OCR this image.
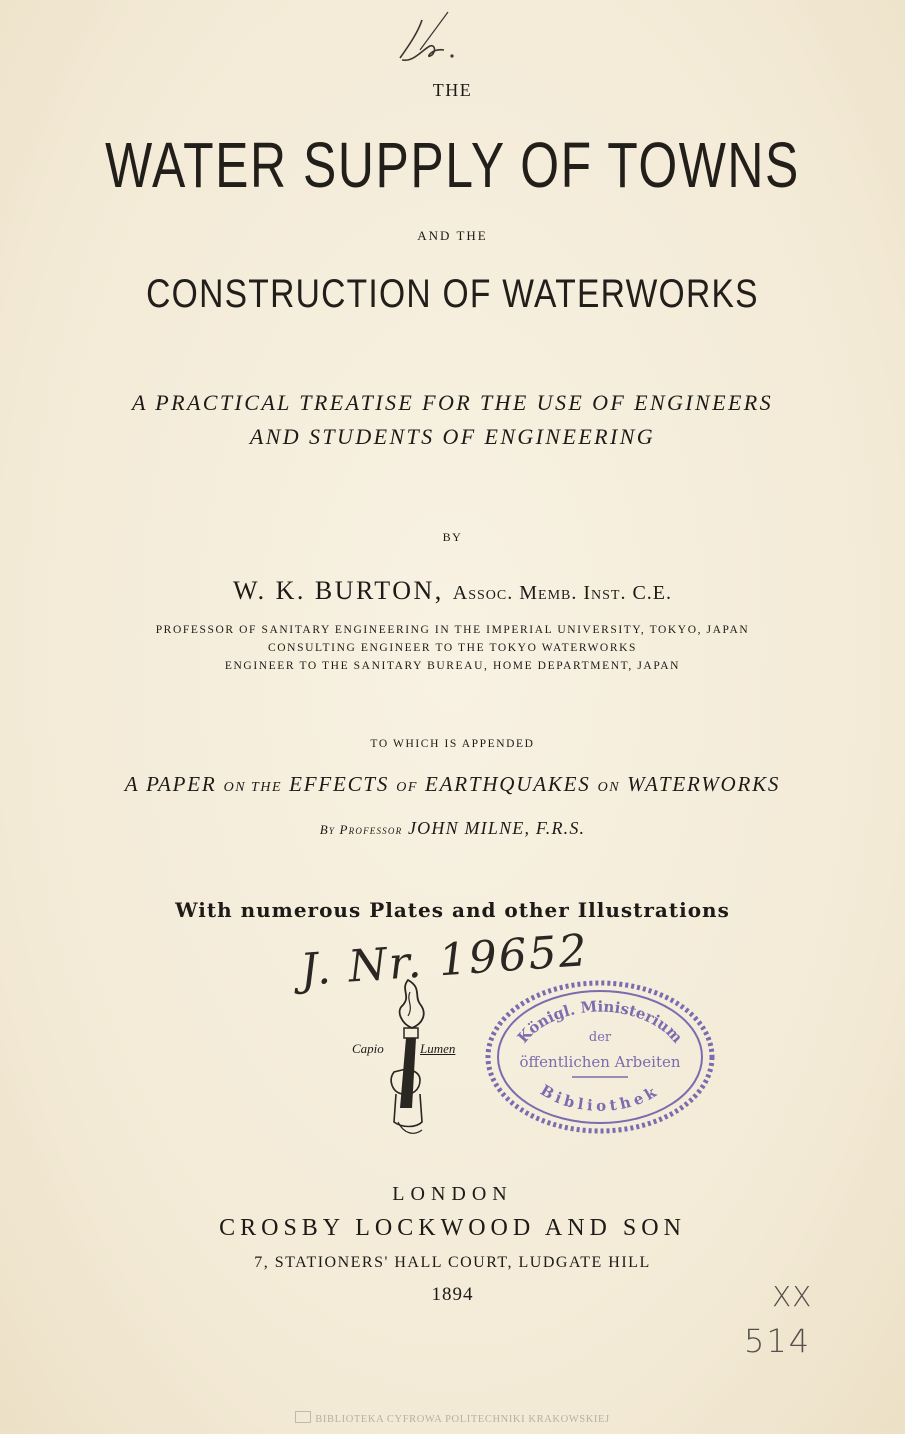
THE
WATER SUPPLY OF TOWNS
AND THE
CONSTRUCTION OF WATERWORKS
A PRACTICAL TREATISE FOR THE USE OF ENGINEERS
AND STUDENTS OF ENGINEERING
BY
W. K. BURTON, Assoc. Memb. Inst. C.E.
PROFESSOR OF SANITARY ENGINEERING IN THE IMPERIAL UNIVERSITY, TOKYO, JAPAN
CONSULTING ENGINEER TO THE TOKYO WATERWORKS
ENGINEER TO THE SANITARY BUREAU, HOME DEPARTMENT, JAPAN
TO WHICH IS APPENDED
A PAPER ON THE EFFECTS OF EARTHQUAKES ON WATERWORKS
By Professor JOHN MILNE, F.R.S.
With numerous Plates and other Illustrations
J. Nr. 19652
Capio	Lumen
Königl. Ministerium
der
öffentlichen Arbeiten
Bibliothek
LONDON
CROSBY LOCKWOOD AND SON
7, STATIONERS' HALL COURT, LUDGATE HILL
1894	XX
514
BIBLIOTEKA CYFROWA POLITECHNIKI KRAKOWSKIEJ
